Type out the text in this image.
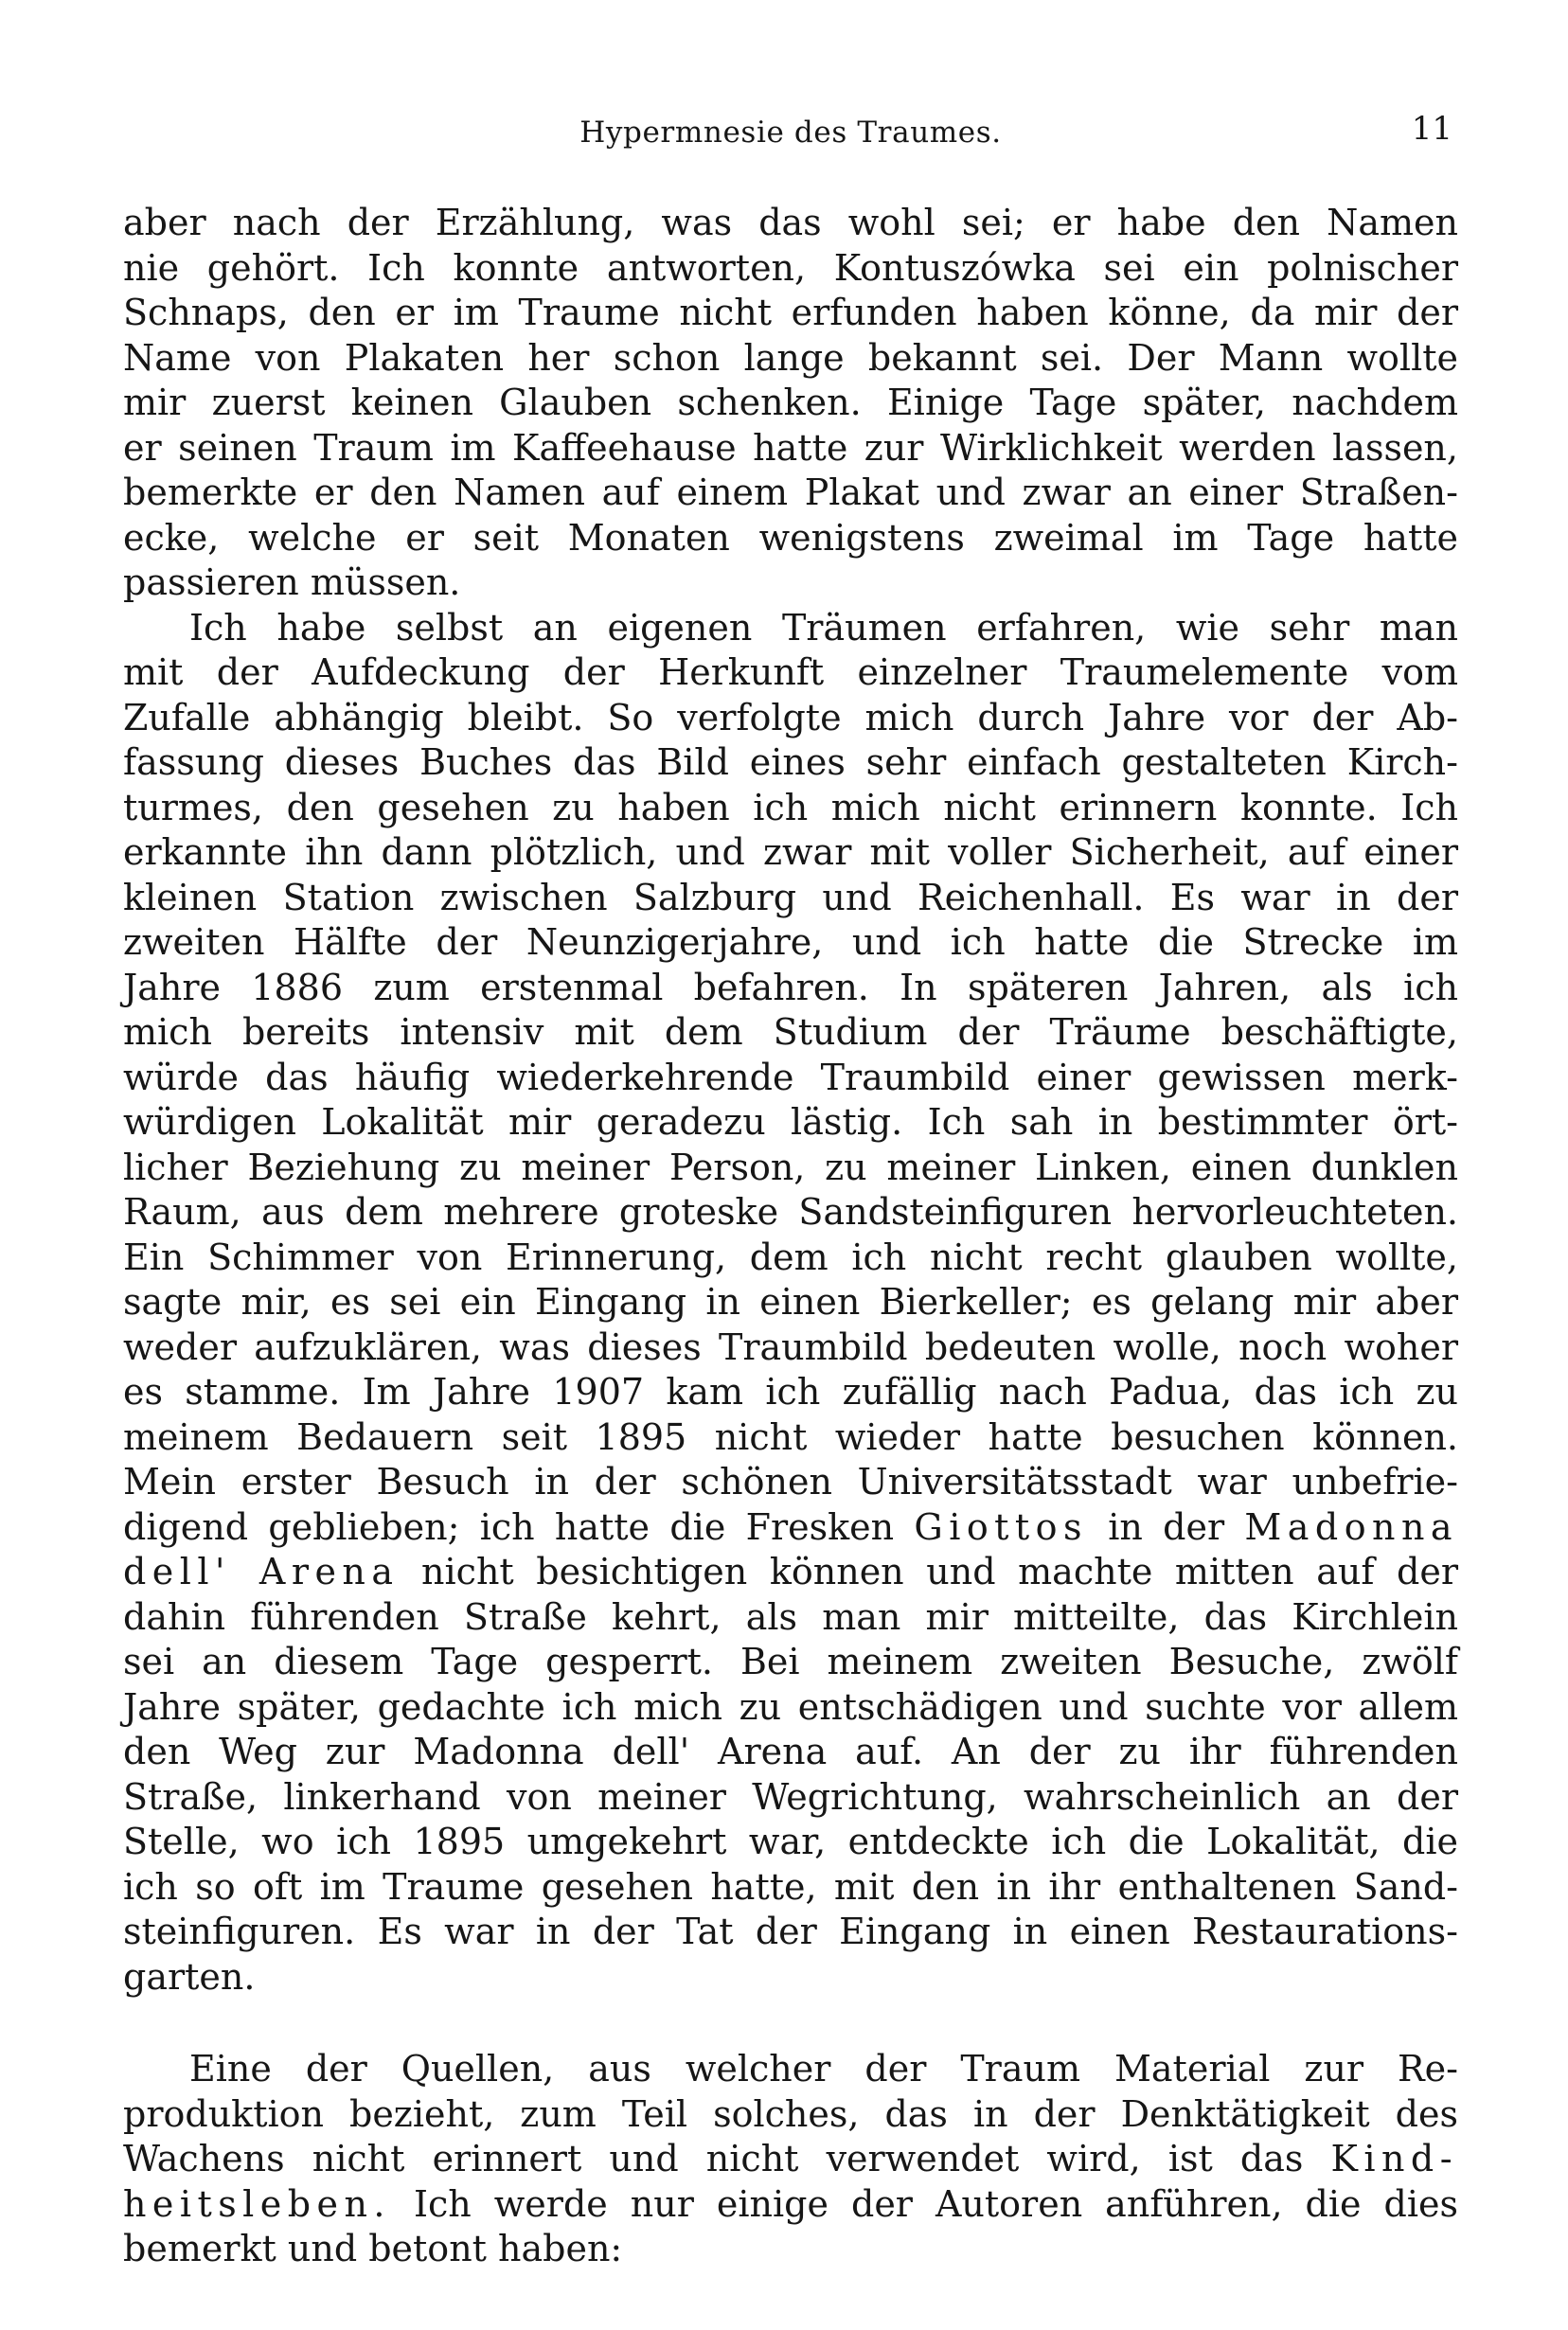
Hypermnesie des Traumes.	11
aber nach der Erzählung, was das wohl sei; er habe den Namen
nie gehört. Ich konnte antworten, Kontuszówka sei ein polnischer
Schnaps, den er im Traume nicht erfunden haben könne, da mir der
Name von Plakaten her schon lange bekannt sei. Der Mann wollte
mir zuerst keinen Glauben schenken. Einige Tage später, nachdem
er seinen Traum im Kaffeehause hatte zur Wirklichkeit werden lassen,
bemerkte er den Namen auf einem Plakat und zwar an einer Straßen-
ecke, welche er seit Monaten wenigstens zweimal im Tage hatte
passieren müssen.
Ich habe selbst an eigenen Träumen erfahren, wie sehr man
mit der Aufdeckung der Herkunft einzelner Traumelemente vom
Zufalle abhängig bleibt. So verfolgte mich durch Jahre vor der Ab-
fassung dieses Buches das Bild eines sehr einfach gestalteten Kirch-
turmes, den gesehen zu haben ich mich nicht erinnern konnte. Ich
erkannte ihn dann plötzlich, und zwar mit voller Sicherheit, auf einer
kleinen Station zwischen Salzburg und Reichenhall. Es war in der
zweiten Hälfte der Neunzigerjahre, und ich hatte die Strecke im
Jahre 1886 zum erstenmal befahren. In späteren Jahren, als ich
mich bereits intensiv mit dem Studium der Träume beschäftigte,
würde das häufig wiederkehrende Traumbild einer gewissen merk-
würdigen Lokalität mir geradezu lästig. Ich sah in bestimmter ört-
licher Beziehung zu meiner Person, zu meiner Linken, einen dunklen
Raum, aus dem mehrere groteske Sandsteinfiguren hervorleuchteten.
Ein Schimmer von Erinnerung, dem ich nicht recht glauben wollte,
sagte mir, es sei ein Eingang in einen Bierkeller; es gelang mir aber
weder aufzuklären, was dieses Traumbild bedeuten wolle, noch woher
es stamme. Im Jahre 1907 kam ich zufällig nach Padua, das ich zu
meinem Bedauern seit 1895 nicht wieder hatte besuchen können.
Mein erster Besuch in der schönen Universitätsstadt war unbefrie-
digend geblieben; ich hatte die Fresken Giottos in der Madonna
dell' Arena nicht besichtigen können und machte mitten auf der
dahin führenden Straße kehrt, als man mir mitteilte, das Kirchlein
sei an diesem Tage gesperrt. Bei meinem zweiten Besuche, zwölf
Jahre später, gedachte ich mich zu entschädigen und suchte vor allem
den Weg zur Madonna dell' Arena auf. An der zu ihr führenden
Straße, linkerhand von meiner Wegrichtung, wahrscheinlich an der
Stelle, wo ich 1895 umgekehrt war, entdeckte ich die Lokalität, die
ich so oft im Traume gesehen hatte, mit den in ihr enthaltenen Sand-
steinfiguren. Es war in der Tat der Eingang in einen Restaurations-
garten.
Eine der Quellen, aus welcher der Traum Material zur Re-
produktion bezieht, zum Teil solches, das in der Denktätigkeit des
Wachens nicht erinnert und nicht verwendet wird, ist das Kind-
heitsleben. Ich werde nur einige der Autoren anführen, die dies
bemerkt und betont haben:
